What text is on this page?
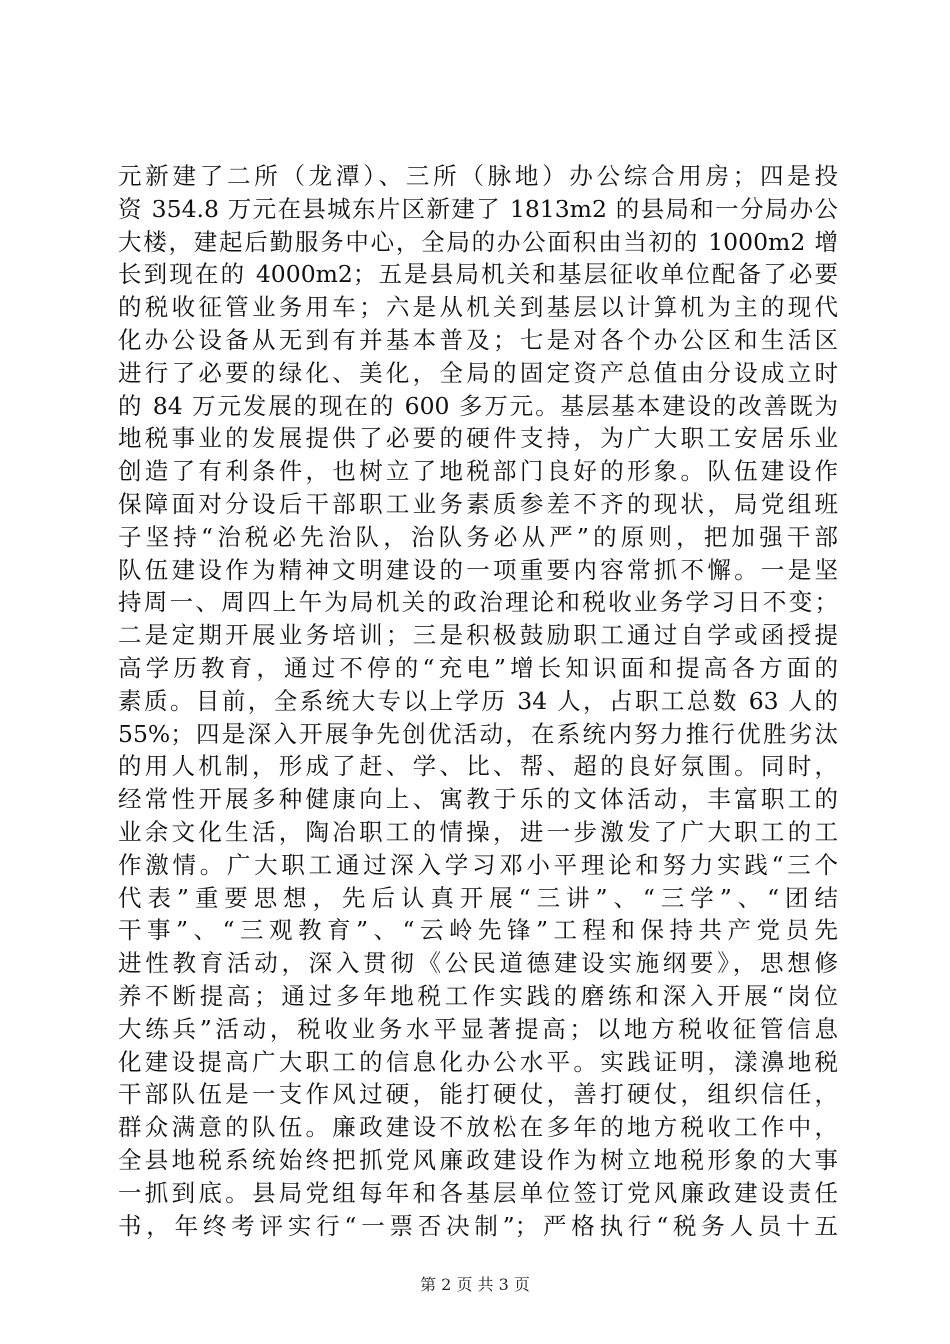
元新建了二所（龙潭）、三所（脉地）办公综合用房；四是投
资 354.8 万元在县城东片区新建了 1813m2 的县局和一分局办公
大楼，建起后勤服务中心，全局的办公面积由当初的 1000m2 增
长到现在的 4000m2；五是县局机关和基层征收单位配备了必要
的税收征管业务用车；六是从机关到基层以计算机为主的现代
化办公设备从无到有并基本普及；七是对各个办公区和生活区
进行了必要的绿化、美化，全局的固定资产总值由分设成立时
的 84 万元发展的现在的 600 多万元。基层基本建设的改善既为
地税事业的发展提供了必要的硬件支持，为广大职工安居乐业
创造了有利条件，也树立了地税部门良好的形象。队伍建设作
保障面对分设后干部职工业务素质参差不齐的现状，局党组班
子坚持“治税必先治队，治队务必从严”的原则，把加强干部
队伍建设作为精神文明建设的一项重要内容常抓不懈。一是坚
持周一、周四上午为局机关的政治理论和税收业务学习日不变；
二是定期开展业务培训；三是积极鼓励职工通过自学或函授提
高学历教育，通过不停的“充电”增长知识面和提高各方面的
素质。目前，全系统大专以上学历 34 人，占职工总数 63 人的
55%；四是深入开展争先创优活动，在系统内努力推行优胜劣汰
的用人机制，形成了赶、学、比、帮、超的良好氛围。同时，
经常性开展多种健康向上、寓教于乐的文体活动，丰富职工的
业余文化生活，陶冶职工的情操，进一步激发了广大职工的工
作激情。广大职工通过深入学习邓小平理论和努力实践“三个
代表”重要思想，先后认真开展“三讲”、“三学”、“团结
干事”、“三观教育”、“云岭先锋”工程和保持共产党员先
进性教育活动，深入贯彻《公民道德建设实施纲要》，思想修
养不断提高；通过多年地税工作实践的磨练和深入开展“岗位
大练兵”活动，税收业务水平显著提高；以地方税收征管信息
化建设提高广大职工的信息化办公水平。实践证明，漾濞地税
干部队伍是一支作风过硬，能打硬仗，善打硬仗，组织信任，
群众满意的队伍。廉政建设不放松在多年的地方税收工作中，
全县地税系统始终把抓党风廉政建设作为树立地税形象的大事
一抓到底。县局党组每年和各基层单位签订党风廉政建设责任
书，年终考评实行“一票否决制”；严格执行“税务人员十五
第 2 页 共 3 页
